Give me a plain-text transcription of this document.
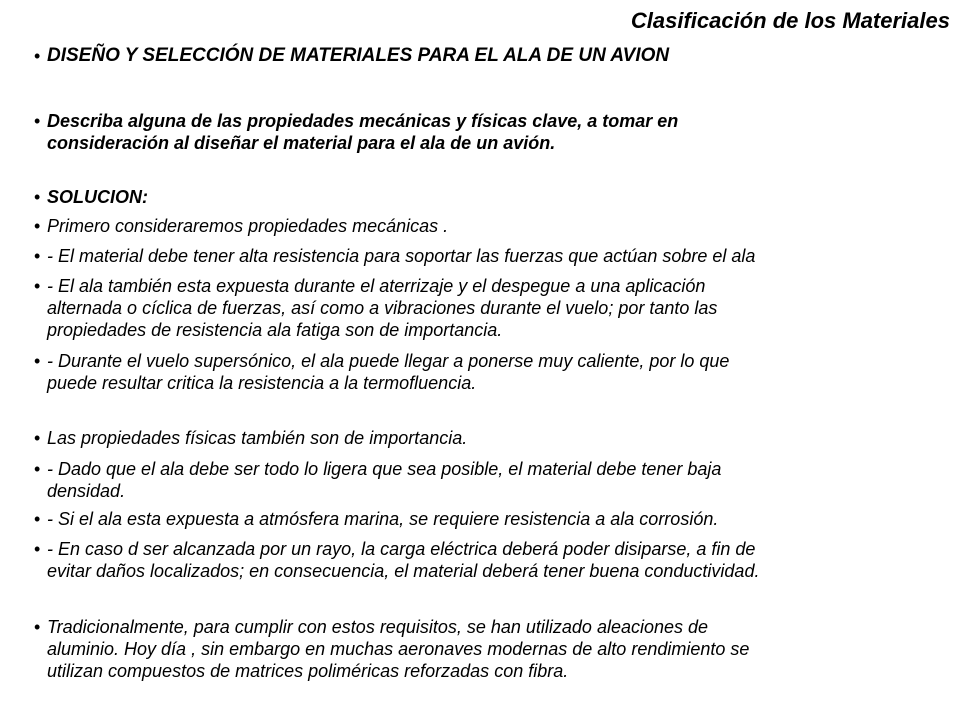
Clasificación de los Materiales
• DISEÑO Y SELECCIÓN DE MATERIALES PARA EL ALA DE UN AVION
• Describa alguna de las propiedades mecánicas y físicas clave, a tomar en
consideración al diseñar el material para el ala de un avión.
• SOLUCION:
• Primero consideraremos propiedades mecánicas .
• - El material debe tener alta resistencia para soportar las fuerzas que actúan sobre el ala
• - El ala también esta expuesta durante el aterrizaje y el despegue a una aplicación
alternada o cíclica de fuerzas, así como a vibraciones durante el vuelo; por tanto las
propiedades de resistencia ala fatiga son de importancia.
• - Durante el vuelo supersónico, el ala puede llegar a ponerse muy caliente, por lo que
puede resultar critica la resistencia a la termofluencia.
• Las propiedades físicas también son de importancia.
• - Dado que el ala debe ser todo lo ligera que sea posible, el material debe tener baja
densidad.
• - Si el ala esta expuesta a atmósfera marina, se requiere resistencia a ala corrosión.
• - En caso d ser alcanzada por un rayo, la carga eléctrica deberá poder disiparse, a fin de
evitar daños localizados; en consecuencia, el material deberá tener buena conductividad.
• Tradicionalmente, para cumplir con estos requisitos, se han utilizado aleaciones de
aluminio. Hoy día , sin embargo en muchas aeronaves modernas de alto rendimiento se
utilizan compuestos de matrices poliméricas reforzadas con fibra.
